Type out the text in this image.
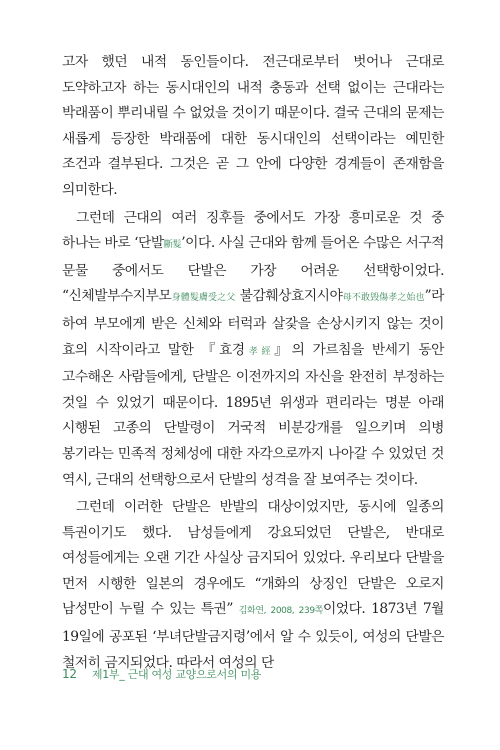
고자 했던 내적 동인들이다. 전근대로부터 벗어나 근대로 도약하고자 하는 동시대인의 내적 충동과 선택 없이는 근대라는 박래품이 뿌리내릴 수 없었을 것이기 때문이다. 결국 근대의 문제는 새롭게 등장한 박래품에 대한 동시대인의 선택이라는 예민한 조건과 결부된다. 그것은 곧 그 안에 다양한 경계들이 존재함을 의미한다.

그런데 근대의 여러 징후들 중에서도 가장 흥미로운 것 중 하나는 바로 ‘단발斷髮’이다. 사실 근대와 함께 들어온 수많은 서구적 문물 중에서도 단발은 가장 어려운 선택항이었다. “신체발부수지부모身體髮膚受之父 불감훼상효지시야母不敢毁傷孝之始也”라 하여 부모에게 받은 신체와 터럭과 살갗을 손상시키지 않는 것이 효의 시작이라고 말한 『효경孝經』의 가르침을 반세기 동안 고수해온 사람들에게, 단발은 이전까지의 자신을 완전히 부정하는 것일 수 있었기 때문이다. 1895년 위생과 편리라는 명분 아래 시행된 고종의 단발령이 거국적 비분강개를 일으키며 의병 봉기라는 민족적 정체성에 대한 자각으로까지 나아갈 수 있었던 것 역시, 근대의 선택항으로서 단발의 성격을 잘 보여주는 것이다.

그런데 이러한 단발은 반발의 대상이었지만, 동시에 일종의 특권이기도 했다. 남성들에게 강요되었던 단발은, 반대로 여성들에게는 오랜 기간 사실상 금지되어 있었다. 우리보다 단발을 먼저 시행한 일본의 경우에도 “개화의 상징인 단발은 오로지 남성만이 누릴 수 있는 특권” 김화연, 2008, 239쪽이었다. 1873년 7월 19일에 공포된 ‘부녀단발금지령’에서 알 수 있듯이, 여성의 단발은 철저히 금지되었다. 따라서 여성의 단

12 제1부_ 근대 여성 교양으로서의 미용
